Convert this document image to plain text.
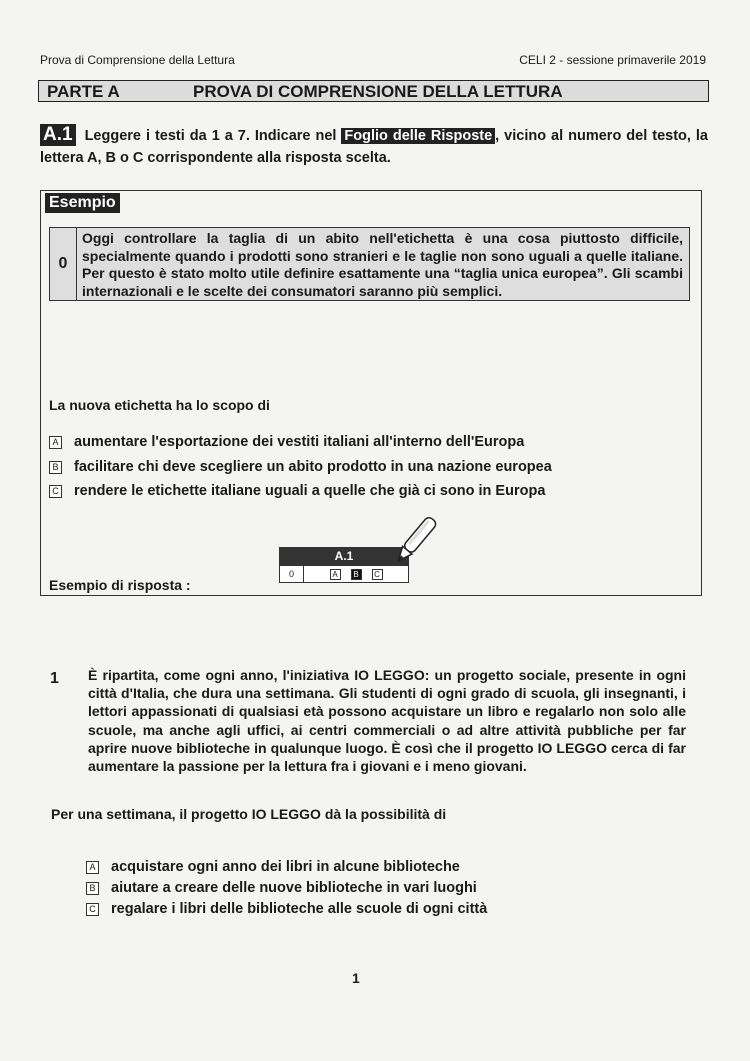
Prova di Comprensione della Lettura	CELI 2 - sessione primaverile 2019
PARTE A	PROVA DI COMPRENSIONE DELLA LETTURA
A.1 Leggere i testi da 1 a 7. Indicare nel Foglio delle Risposte , vicino al numero del testo, la lettera A, B o C corrispondente alla risposta scelta.
Esempio
0
Oggi controllare la taglia di un abito nell'etichetta è una cosa piuttosto difficile, specialmente quando i prodotti sono stranieri e le taglie non sono uguali a quelle italiane. Per questo è stato molto utile definire esattamente una “taglia unica europea”. Gli scambi internazionali e le scelte dei consumatori saranno più semplici.
La nuova etichetta ha lo scopo di
A aumentare l'esportazione dei vestiti italiani all'interno dell'Europa
B facilitare chi deve scegliere un abito prodotto in una nazione europea
C rendere le etichette italiane uguali a quelle che già ci sono in Europa
Esempio di risposta :
A.1
0	A	B	C
1 È ripartita, come ogni anno, l'iniziativa IO LEGGO: un progetto sociale, presente in ogni città d'Italia, che dura una settimana. Gli studenti di ogni grado di scuola, gli insegnanti, i lettori appassionati di qualsiasi età possono acquistare un libro e regalarlo non solo alle scuole, ma anche agli uffici, ai centri commerciali o ad altre attività pubbliche per far aprire nuove biblioteche in qualunque luogo. È così che il progetto IO LEGGO cerca di far aumentare la passione per la lettura fra i giovani e i meno giovani.
Per una settimana, il progetto IO LEGGO dà la possibilità di
A acquistare ogni anno dei libri in alcune biblioteche
B aiutare a creare delle nuove biblioteche in vari luoghi
C regalare i libri delle biblioteche alle scuole di ogni città
1
